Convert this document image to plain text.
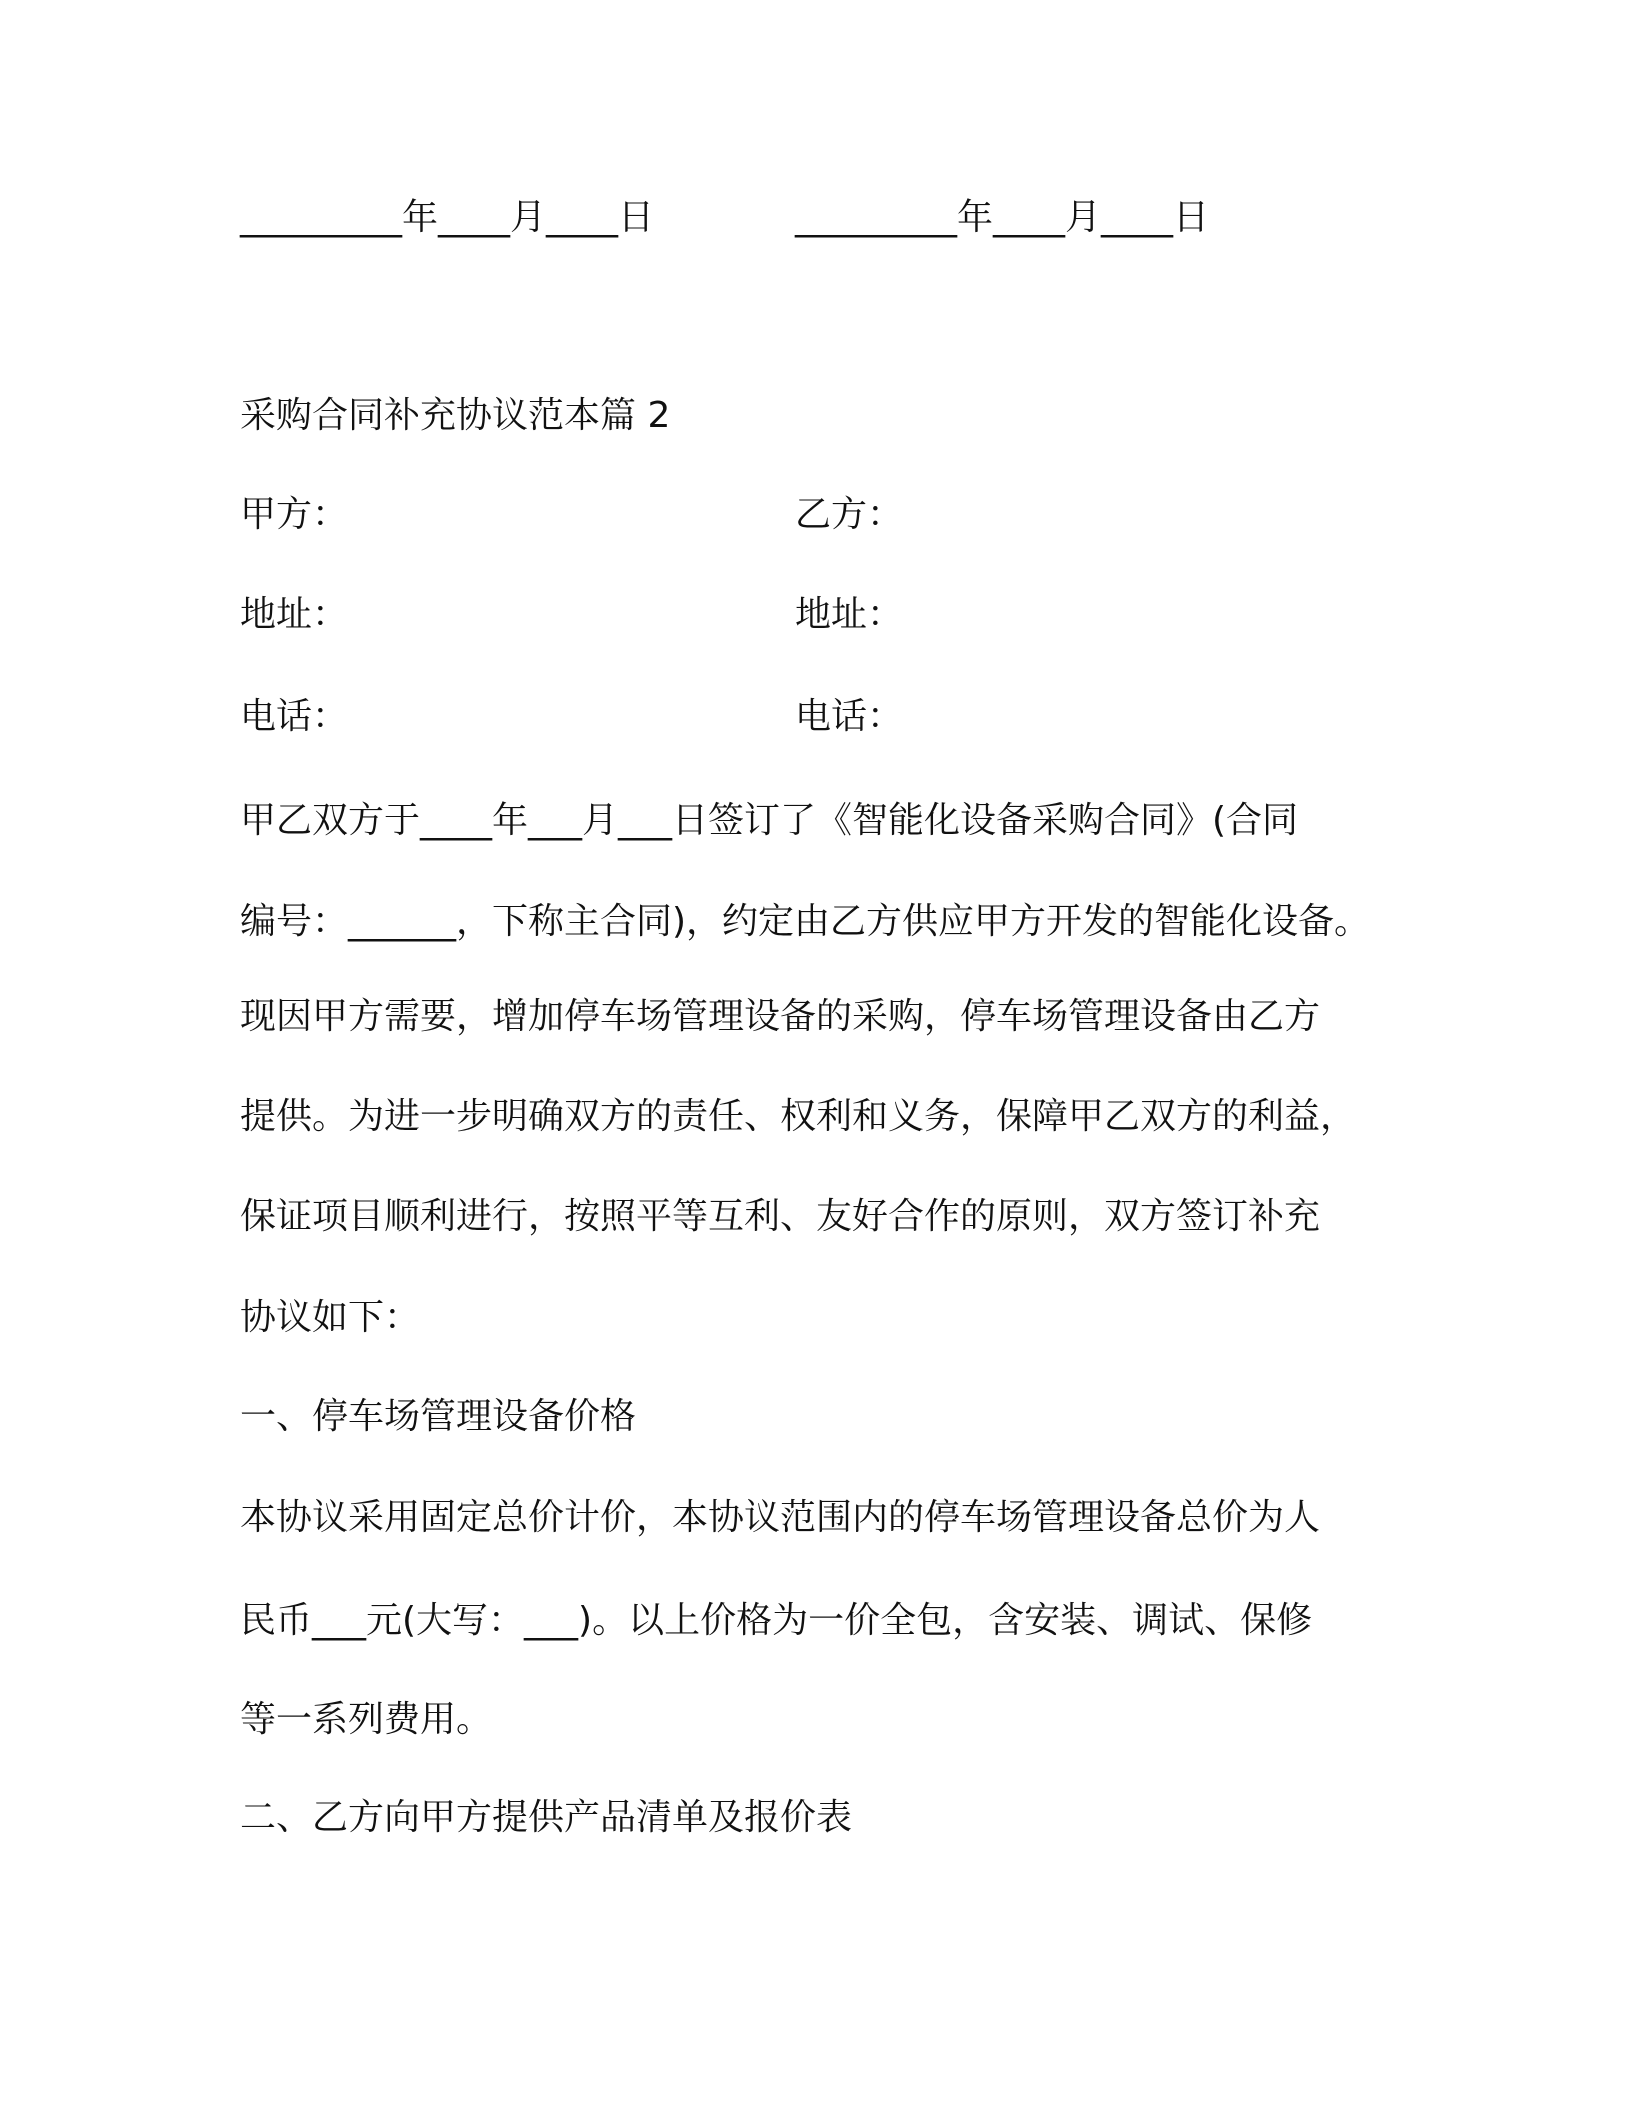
_________年____月____日	_________年____月____日
采购合同补充协议范本篇 2
甲方：	乙方：
地址：	地址：
电话：	电话：
甲乙双方于____年___月___日签订了《智能化设备采购合同》(合同
编号：______，下称主合同)，约定由乙方供应甲方开发的智能化设备。
现因甲方需要，增加停车场管理设备的采购，停车场管理设备由乙方
提供。为进一步明确双方的责任、权利和义务，保障甲乙双方的利益，
保证项目顺利进行，按照平等互利、友好合作的原则，双方签订补充
协议如下：
一、停车场管理设备价格
本协议采用固定总价计价，本协议范围内的停车场管理设备总价为人
民币___元(大写：___)。以上价格为一价全包，含安装、调试、保修
等一系列费用。
二、乙方向甲方提供产品清单及报价表
